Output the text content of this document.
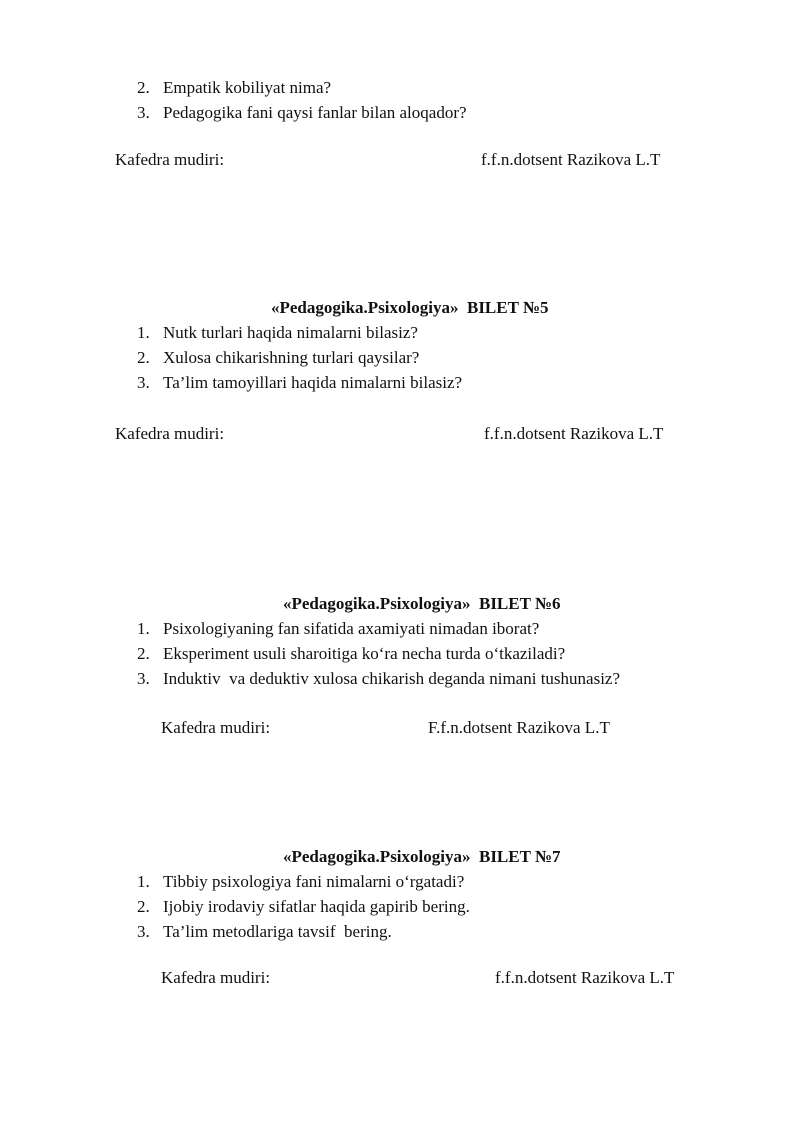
2. Empatik kobiliyat nima?
3. Pedagogika fani qaysi fanlar bilan aloqador?
Kafedra mudiri:	f.f.n.dotsent Razikova L.T
«Pedagogika.Psixologiya»  BILET №5
1. Nutk turlari haqida nimalarni bilasiz?
2. Xulosa chikarishning turlari qaysilar?
3. Ta’lim tamoyillari haqida nimalarni bilasiz?
Kafedra mudiri:	f.f.n.dotsent Razikova L.T
«Pedagogika.Psixologiya»  BILET №6
1. Psixologiyaning fan sifatida axamiyati nimadan iborat?
2. Eksperiment usuli sharoitiga ko‘ra necha turda o‘tkaziladi?
3. Induktiv  va deduktiv xulosa chikarish deganda nimani tushunasiz?
Kafedra mudiri:	F.f.n.dotsent Razikova L.T
«Pedagogika.Psixologiya»  BILET №7
1. Tibbiy psixologiya fani nimalarni o‘rgatadi?
2. Ijobiy irodaviy sifatlar haqida gapirib bering.
3. Ta’lim metodlariga tavsif  bering.
Kafedra mudiri:	f.f.n.dotsent Razikova L.T
